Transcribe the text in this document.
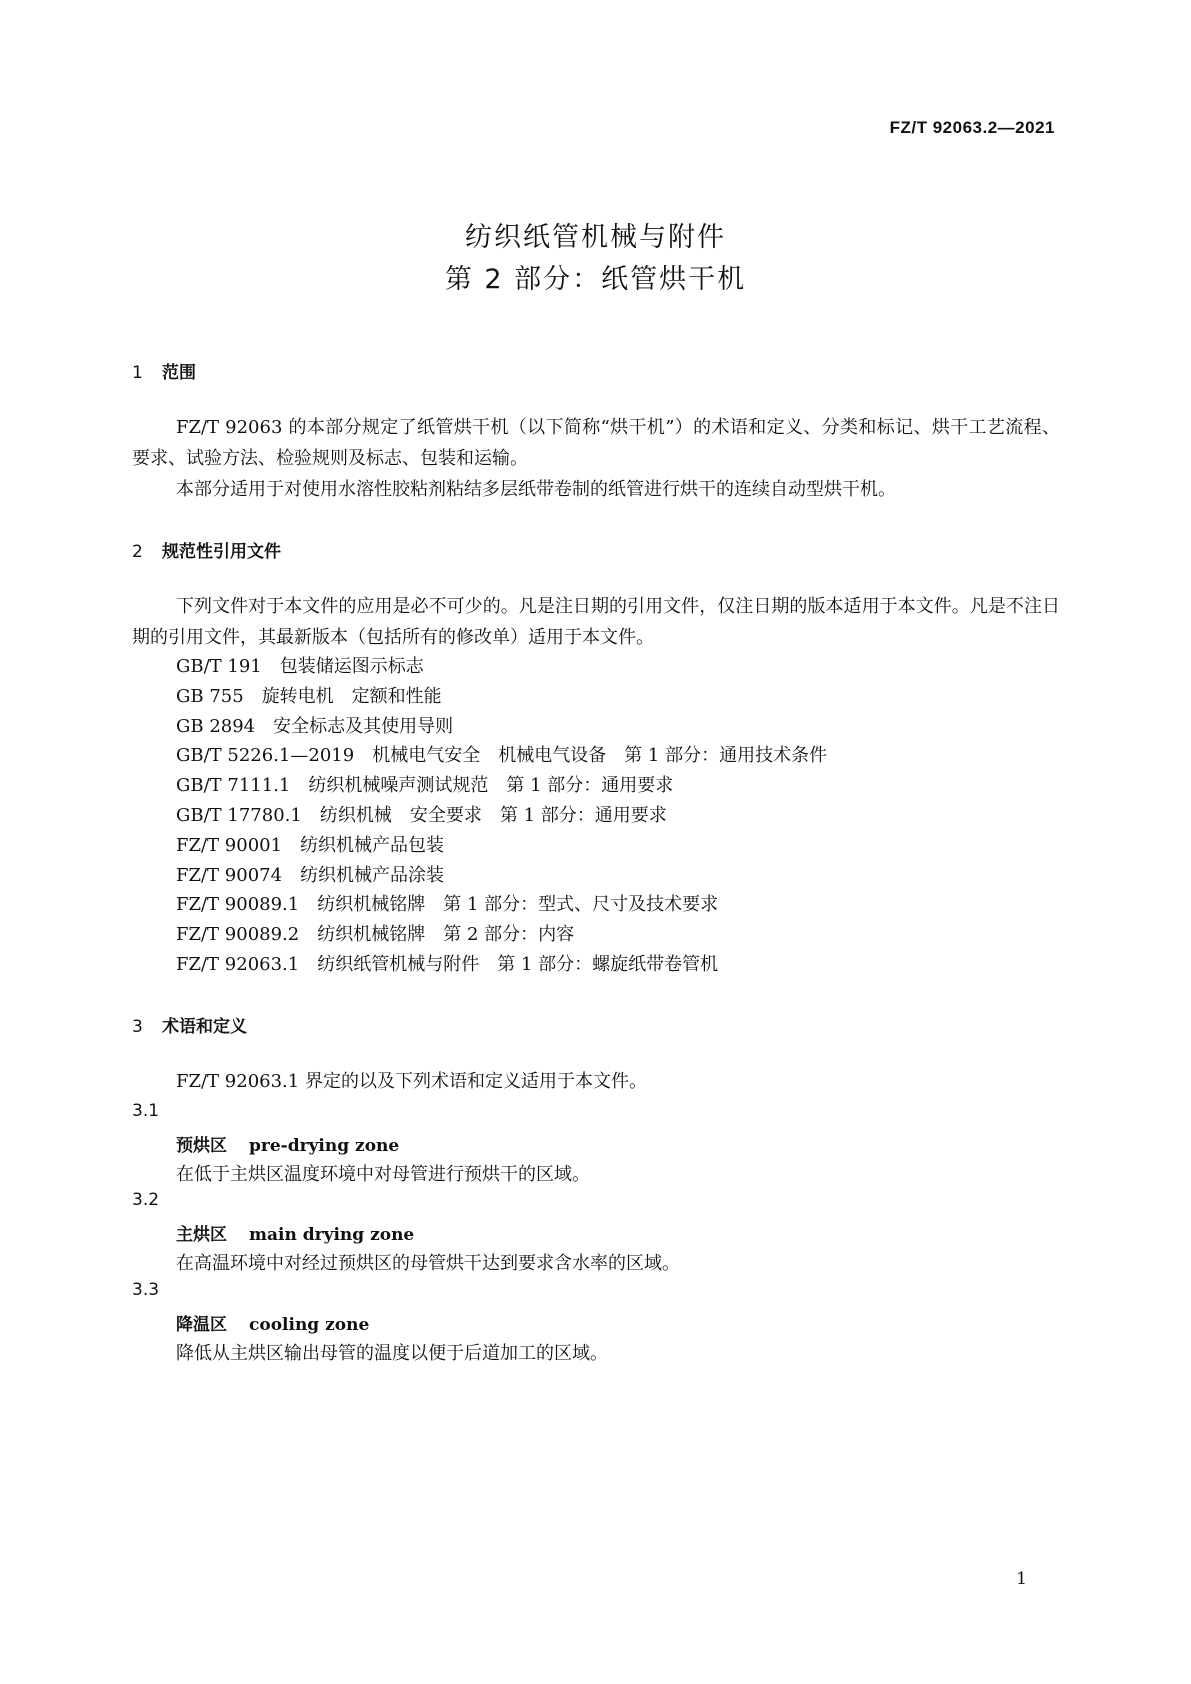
FZ/T 92063.2—2021
纺织纸管机械与附件
第 2 部分：纸管烘干机
1 范围
FZ/T 92063 的本部分规定了纸管烘干机（以下简称“烘干机”）的术语和定义、分类和标记、烘干工艺流程、要求、试验方法、检验规则及标志、包装和运输。
本部分适用于对使用水溶性胶粘剂粘结多层纸带卷制的纸管进行烘干的连续自动型烘干机。
2 规范性引用文件
下列文件对于本文件的应用是必不可少的。凡是注日期的引用文件，仅注日期的版本适用于本文件。凡是不注日期的引用文件，其最新版本（包括所有的修改单）适用于本文件。
GB/T 191 包装储运图示标志
GB 755 旋转电机　定额和性能
GB 2894 安全标志及其使用导则
GB/T 5226.1—2019 机械电气安全　机械电气设备　第 1 部分：通用技术条件
GB/T 7111.1 纺织机械噪声测试规范　第 1 部分：通用要求
GB/T 17780.1 纺织机械　安全要求　第 1 部分：通用要求
FZ/T 90001 纺织机械产品包装
FZ/T 90074 纺织机械产品涂装
FZ/T 90089.1 纺织机械铭牌　第 1 部分：型式、尺寸及技术要求
FZ/T 90089.2 纺织机械铭牌　第 2 部分：内容
FZ/T 92063.1 纺织纸管机械与附件　第 1 部分：螺旋纸带卷管机
3 术语和定义
FZ/T 92063.1 界定的以及下列术语和定义适用于本文件。
3.1
预烘区 pre-drying zone
在低于主烘区温度环境中对母管进行预烘干的区域。
3.2
主烘区 main drying zone
在高温环境中对经过预烘区的母管烘干达到要求含水率的区域。
3.3
降温区 cooling zone
降低从主烘区输出母管的温度以便于后道加工的区域。
1
